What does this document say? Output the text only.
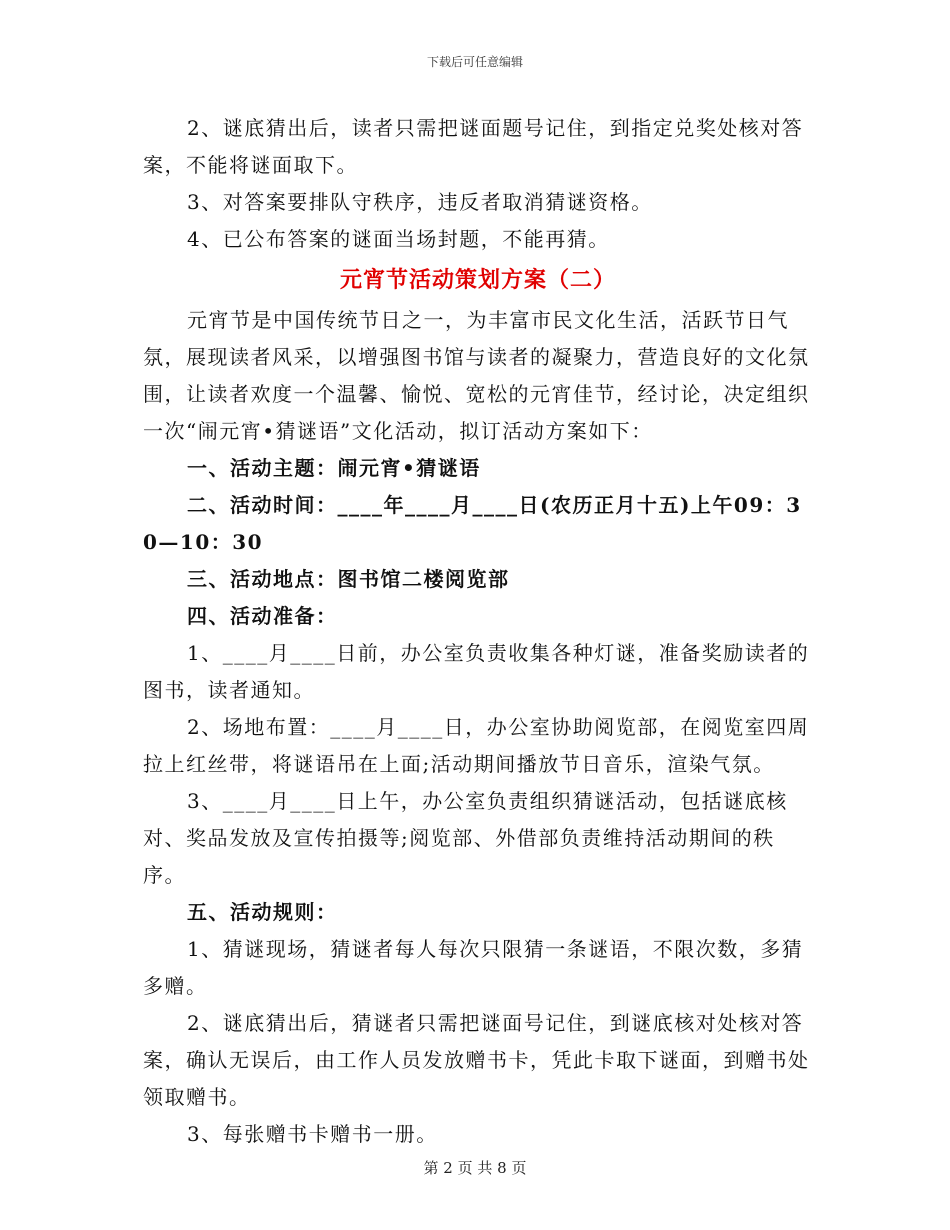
下载后可任意编辑

2、谜底猜出后，读者只需把谜面题号记住，到指定兑奖处核对答案，不能将谜面取下。

3、对答案要排队守秩序，违反者取消猜谜资格。

4、已公布答案的谜面当场封题，不能再猜。

元宵节活动策划方案（二）

元宵节是中国传统节日之一，为丰富市民文化生活，活跃节日气氛，展现读者风采，以增强图书馆与读者的凝聚力，营造良好的文化氛围，让读者欢度一个温馨、愉悦、宽松的元宵佳节，经讨论，决定组织一次“闹元宵•猜谜语”文化活动，拟订活动方案如下：

一、活动主题：闹元宵•猜谜语

二、活动时间：____年____月____日(农历正月十五)上午09：30—10：30

三、活动地点：图书馆二楼阅览部

四、活动准备：

1、____月____日前，办公室负责收集各种灯谜，准备奖励读者的图书，读者通知。

2、场地布置：____月____日，办公室协助阅览部，在阅览室四周拉上红丝带，将谜语吊在上面;活动期间播放节日音乐，渲染气氛。

3、____月____日上午，办公室负责组织猜谜活动，包括谜底核对、奖品发放及宣传拍摄等;阅览部、外借部负责维持活动期间的秩序。

五、活动规则：

1、猜谜现场，猜谜者每人每次只限猜一条谜语，不限次数，多猜多赠。

2、谜底猜出后，猜谜者只需把谜面号记住，到谜底核对处核对答案，确认无误后，由工作人员发放赠书卡，凭此卡取下谜面，到赠书处领取赠书。

3、每张赠书卡赠书一册。

第 2 页 共 8 页
